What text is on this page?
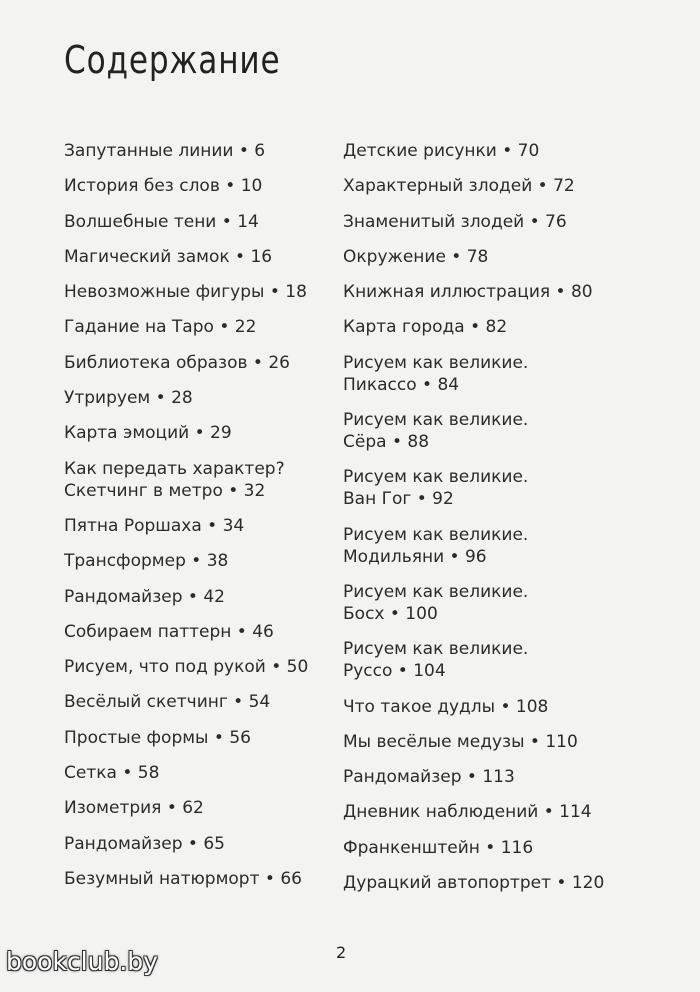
Содержание
Запутанные линии • 6
История без слов • 10
Волшебные тени • 14
Магический замок • 16
Невозможные фигуры • 18
Гадание на Таро • 22
Библиотека образов • 26
Утрируем • 28
Карта эмоций • 29
Как передать характер?
Скетчинг в метро • 32
Пятна Роршаха • 34
Трансформер • 38
Рандомайзер • 42
Собираем паттерн • 46
Рисуем, что под рукой • 50
Весёлый скетчинг • 54
Простые формы • 56
Сетка • 58
Изометрия • 62
Рандомайзер • 65
Безумный натюрморт • 66
Детские рисунки • 70
Характерный злодей • 72
Знаменитый злодей • 76
Окружение • 78
Книжная иллюстрация • 80
Карта города • 82
Рисуем как великие.
Пикассо • 84
Рисуем как великие.
Сёра • 88
Рисуем как великие.
Ван Гог • 92
Рисуем как великие.
Модильяни • 96
Рисуем как великие.
Босх • 100
Рисуем как великие.
Руссо • 104
Что такое дудлы • 108
Мы весёлые медузы • 110
Рандомайзер • 113
Дневник наблюдений • 114
Франкенштейн • 116
Дурацкий автопортрет • 120
2
bookclub.by
